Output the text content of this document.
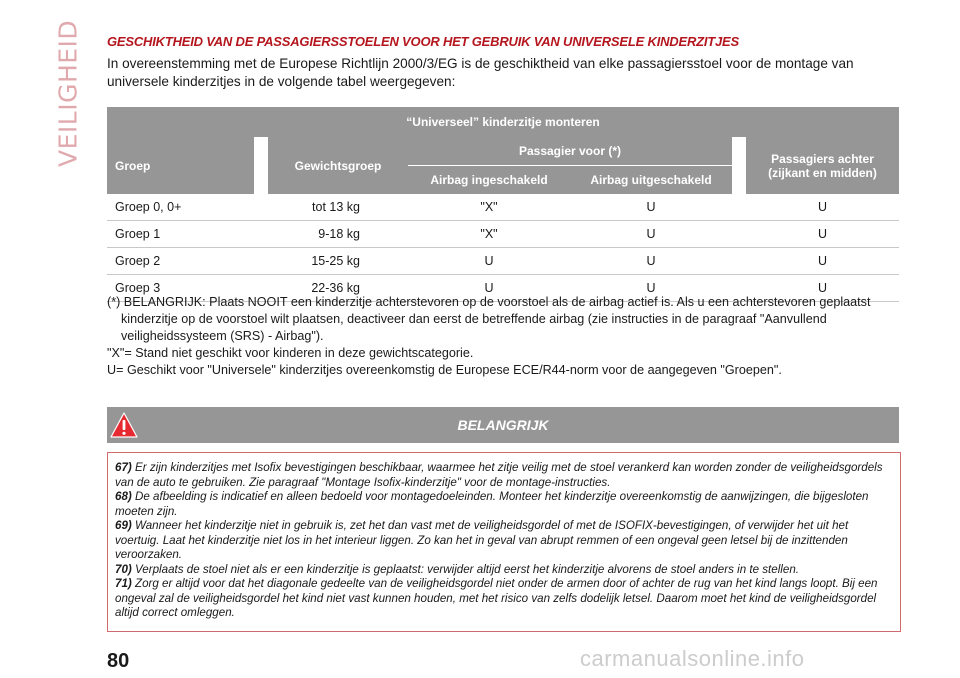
VEILIGHEID GESCHIKTHEID VAN DE PASSAGIERSSTOELEN VOOR HET GEBRUIK VAN UNIVERSELE KINDERZITJES
In overeenstemming met de Europese Richtlijn 2000/3/EG is de geschiktheid van elke passagiersstoel voor de montage van universele kinderzitjes in de volgende tabel weergegeven:
“Universeel” kinderzitje monteren						
Groep		Gewichtsgroep	Passagier voor (*)			Passagiers achter
(zijkant en midden)

			Airbag ingeschakeld	Airbag uitgeschakeld		
Groep 0, 0+		tot 13 kg	"X"	U		U
Groep 1		9-18 kg	"X"	U		U
Groep 2		15-25 kg	U	U		U
Groep 3		22-36 kg	U	U		U
(*) BELANGRIJK: Plaats NOOIT een kinderzitje achterstevoren op de voorstoel als de airbag actief is. Als u een achterstevoren geplaatst kinderzitje op de voorstoel wilt plaatsen, deactiveer dan eerst de betreffende airbag (zie instructies in de paragraaf "Aanvullend veiligheidssysteem (SRS) - Airbag").
"X"= Stand niet geschikt voor kinderen in deze gewichtscategorie.
U= Geschikt voor "Universele" kinderzitjes overeenkomstig de Europese ECE/R44-norm voor de aangegeven "Groepen".
BELANGRIJK

67) Er zijn kinderzitjes met Isofix bevestigingen beschikbaar, waarmee het zitje veilig met de stoel verankerd kan worden zonder de veiligheidsgordels van de auto te gebruiken. Zie paragraaf "Montage Isofix-kinderzitje" voor de montage-instructies.

68) De afbeelding is indicatief en alleen bedoeld voor montagedoeleinden. Monteer het kinderzitje overeenkomstig de aanwijzingen, die bijgesloten moeten zijn.

69) Wanneer het kinderzitje niet in gebruik is, zet het dan vast met de veiligheidsgordel of met de ISOFIX-bevestigingen, of verwijder het uit het voertuig. Laat het kinderzitje niet los in het interieur liggen. Zo kan het in geval van abrupt remmen of een ongeval geen letsel bij de inzittenden veroorzaken.

70) Verplaats de stoel niet als er een kinderzitje is geplaatst: verwijder altijd eerst het kinderzitje alvorens de stoel anders in te stellen.

71) Zorg er altijd voor dat het diagonale gedeelte van de veiligheidsgordel niet onder de armen door of achter de rug van het kind langs loopt. Bij een ongeval zal de veiligheidsgordel het kind niet vast kunnen houden, met het risico van zelfs dodelijk letsel. Daarom moet het kind de veiligheidsgordel altijd correct omleggen.

80	carmanualsonline.info
